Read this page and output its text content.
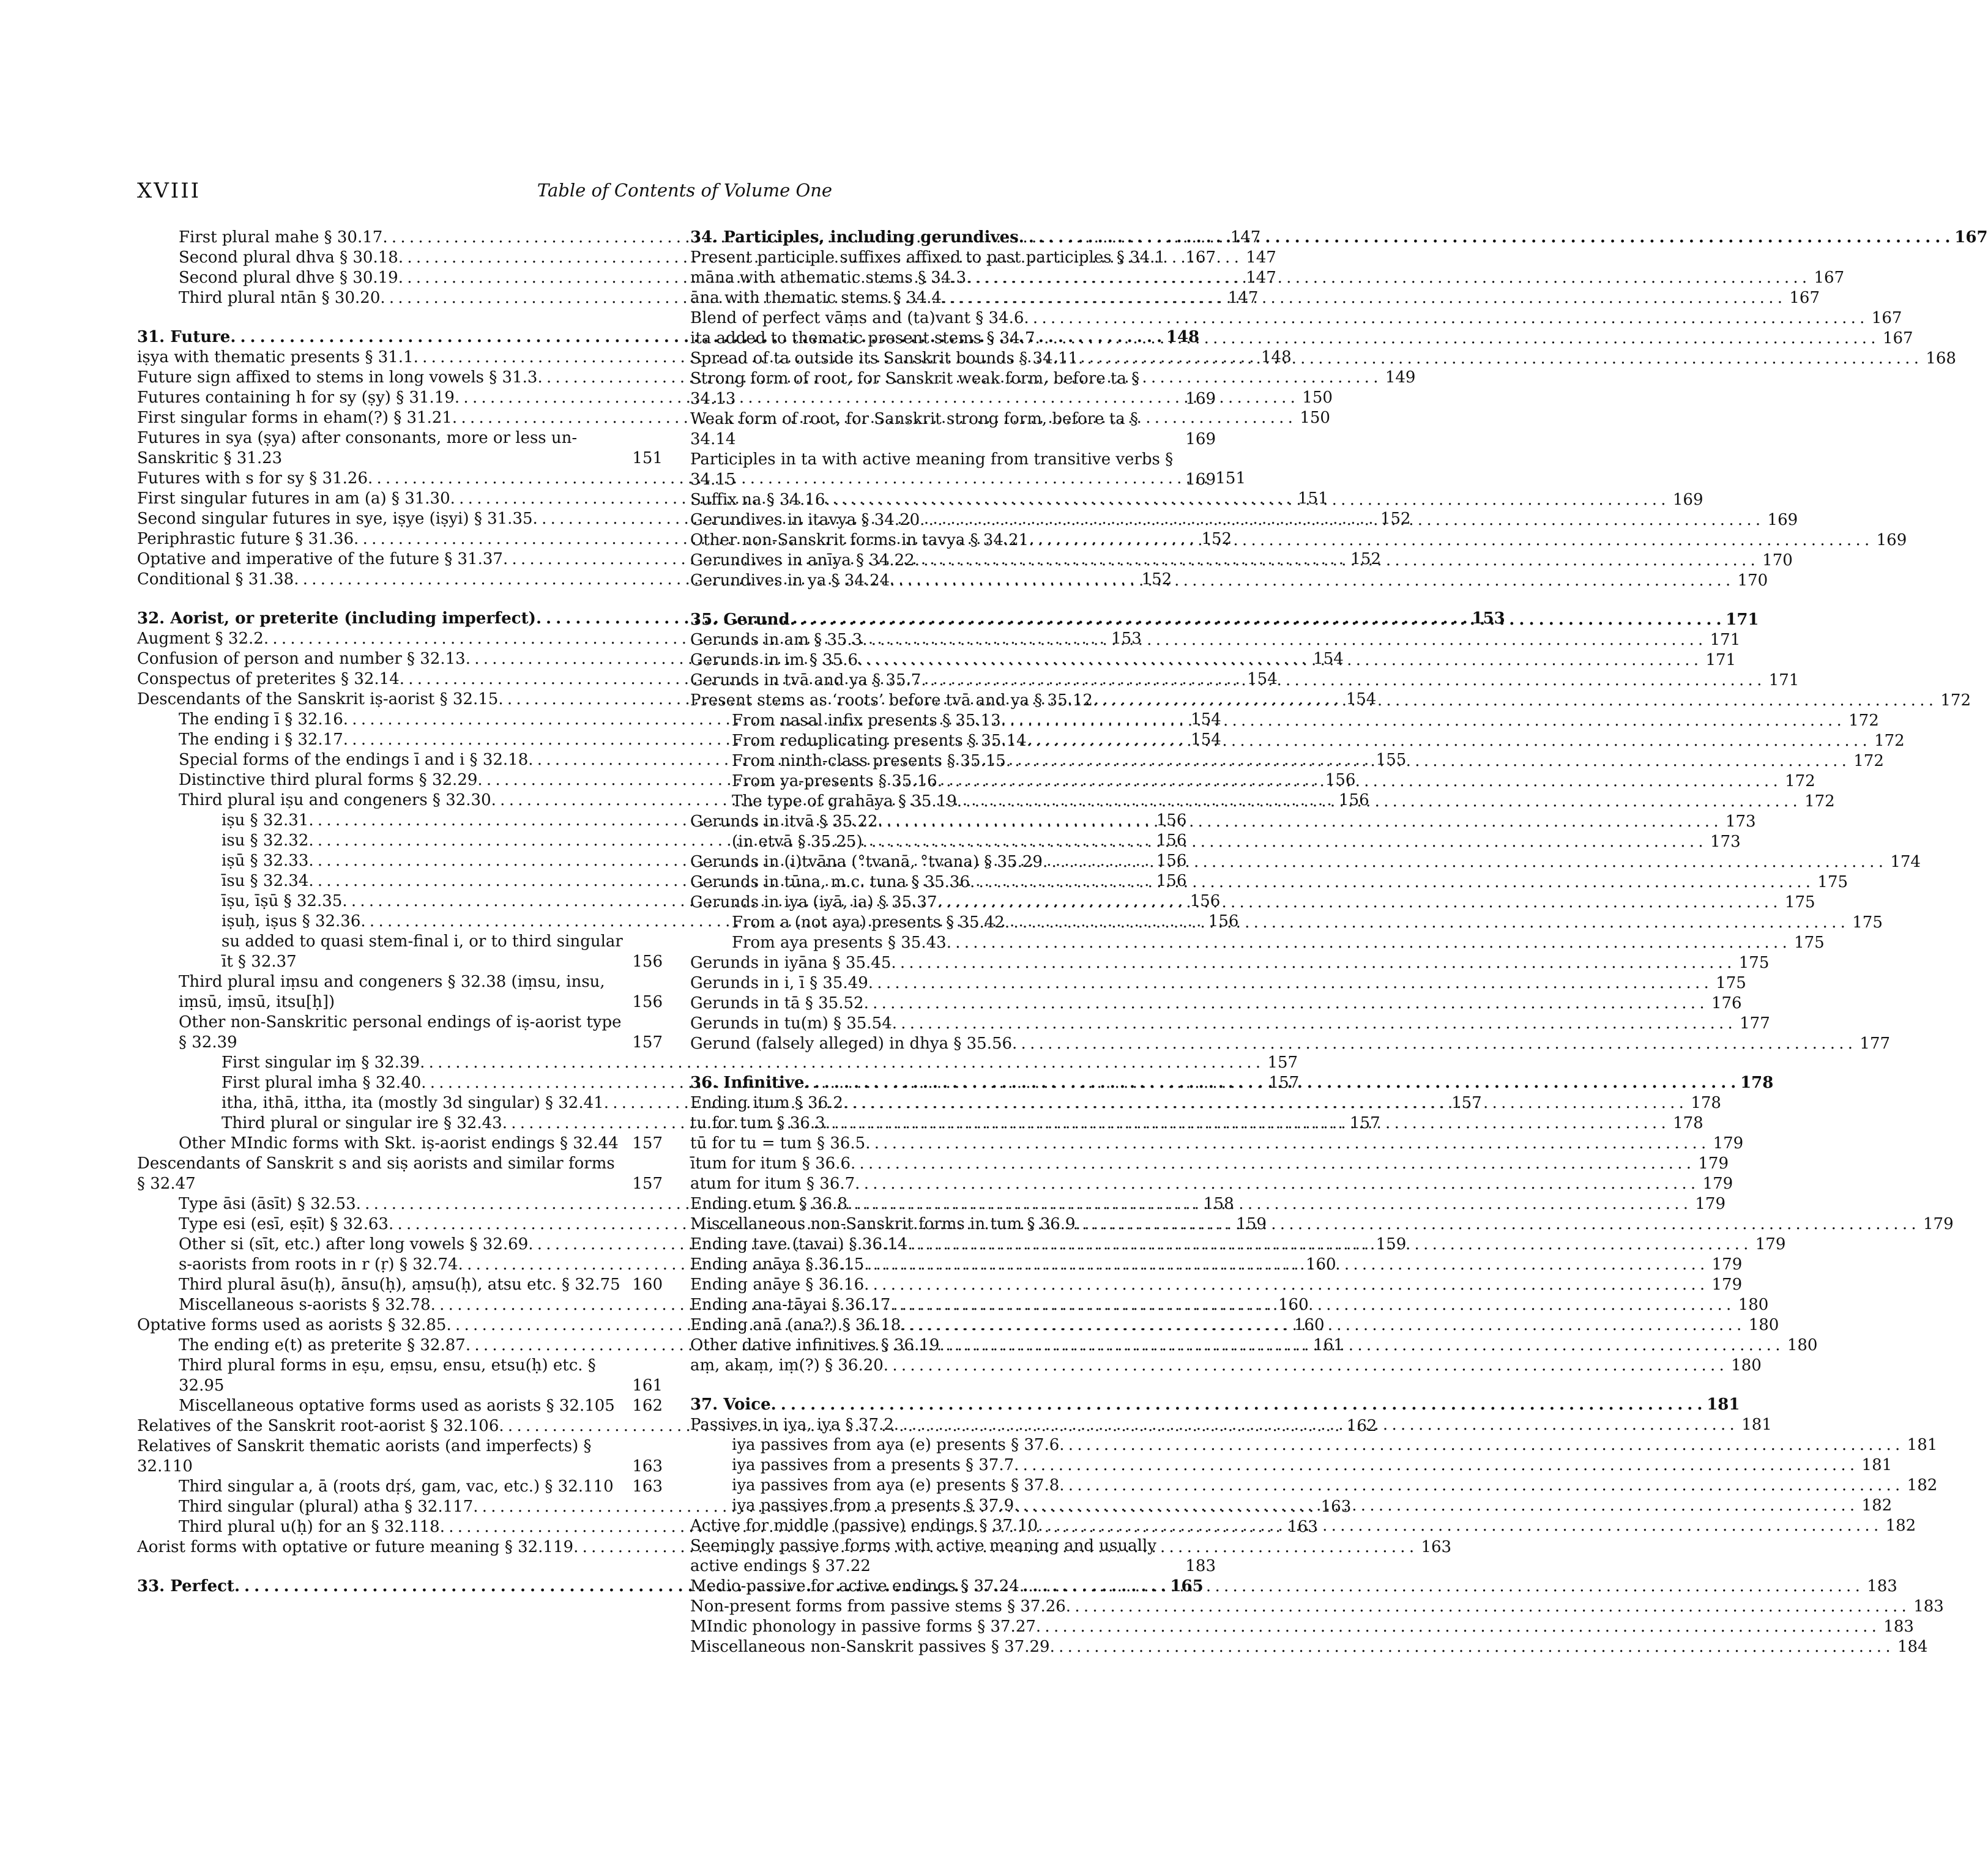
XVIII	Table of Contents of Volume One
First plural mahe § 30.17 . . .	147
Second plural dhva § 30.18 . . .	147
Second plural dhve § 30.19 . . .	147
Third plural ntān § 30.20 . . .	147
31. Future . . .	148
iṣya with thematic presents § 31.1 . . .	148
Future sign affixed to stems in long vowels § 31.3 . . .	149
Futures containing h for sy (ṣy) § 31.19 . . .	150
First singular forms in eham(?) § 31.21 . . .	150
Futures in sya (ṣya) after consonants, more or less un-Sanskritic § 31.23	151
Futures with s for sy § 31.26 . . .	151
First singular futures in am (a) § 31.30 . . .	151
Second singular futures in sye, iṣye (iṣyi) § 31.35 . . .	152
Periphrastic future § 31.36 . . .	152
Optative and imperative of the future § 31.37 . . .	152
Conditional § 31.38 . . .	152
32. Aorist, or preterite (including imperfect) . . .	153
Augment § 32.2 . . .	153
Confusion of person and number § 32.13 . . .	154
Conspectus of preterites § 32.14 . . .	154
Descendants of the Sanskrit iṣ-aorist § 32.15 . . .	154
The ending ī § 32.16 . . .	154
The ending i § 32.17 . . .	154
Special forms of the endings ī and i § 32.18 . . .	155
Distinctive third plural forms § 32.29 . . .	156
Third plural iṣu and congeners § 32.30 . . .	156
iṣu § 32.31 . . .	156
isu § 32.32 . . .	156
iṣū § 32.33 . . .	156
īsu § 32.34 . . .	156
īṣu, īṣū § 32.35 . . .	156
iṣuḥ, iṣus § 32.36 . . .	156
su added to quasi stem-final i, or to third singular īt § 32.37	156
Third plural iṃsu and congeners § 32.38 (iṃsu, insu, iṃsū, iṃsū, itsu[ḥ])	156
Other non-Sanskritic personal endings of iṣ-aorist type § 32.39	157
First singular iṃ § 32.39 . . .	157
First plural imha § 32.40 . . .	157
itha, ithā, ittha, ita (mostly 3d singular) § 32.41 . . .	157
Third plural or singular ire § 32.43 . . .	157
Other MIndic forms with Skt. iṣ-aorist endings § 32.44 157
Descendants of Sanskrit s and siṣ aorists and similar forms § 32.47	157
Type āsi (āsīt) § 32.53 . . .	158
Type esi (esī, eṣīt) § 32.63 . . .	159
Other si (sīt, etc.) after long vowels § 32.69 . . .	159
s-aorists from roots in r (ṛ) § 32.74 . . .	160
Third plural āsu(ḥ), ānsu(ḥ), aṃsu(ḥ), atsu etc. § 32.75 160
Miscellaneous s-aorists § 32.78 . . .	160
Optative forms used as aorists § 32.85 . . .	160
The ending e(t) as preterite § 32.87 . . .	161
Third plural forms in eṣu, eṃsu, ensu, etsu(ḥ) etc. § 32.95	161
Miscellaneous optative forms used as aorists § 32.105	162
Relatives of the Sanskrit root-aorist § 32.106 . . .	162
Relatives of Sanskrit thematic aorists (and imperfects) § 32.110	163
Third singular a, ā (roots dṛś, gam, vac, etc.) § 32.110	163
Third singular (plural) atha § 32.117 . . .	163
Third plural u(ḥ) for an § 32.118 . . .	163
Aorist forms with optative or future meaning § 32.119 . . .	163
33. Perfect . . .	165
34. Participles, including gerundives . . .	167
Present participle suffixes affixed to past participles § 34.1	167
māna with athematic stems § 34.3 . . .	167
āna with thematic stems § 34.4 . . .	167
Blend of perfect vāṃs and (ta)vant § 34.6 . . .	167
ita added to thematic present stems § 34.7 . . .	167
Spread of ta outside its Sanskrit bounds § 34.11 . . .	168
Strong form of root, for Sanskrit weak form, before ta § 34.13	169
Weak form of root, for Sanskrit strong form, before ta § 34.14	169
Participles in ta with active meaning from transitive verbs § 34.15	169
Suffix na § 34.16 . . .	169
Gerundives in itavya § 34.20 . . .	169
Other non-Sanskrit forms in tavya § 34.21 . . .	169
Gerundives in anīya § 34.22 . . .	170
Gerundives in ya § 34.24 . . .	170
35. Gerund . . .	171
Gerunds in am § 35.3 . . .	171
Gerunds in im § 35.6 . . .	171
Gerunds in tvā and ya § 35.7 . . .	171
Present stems as ‘roots’ before tvā and ya § 35.12 . . .	172
From nasal infix presents § 35.13 . . .	172
From reduplicating presents § 35.14 . . .	172
From ninth-class presents § 35.15 . . .	172
From ya-presents § 35.16 . . .	172
The type of grahāya § 35.19 . . .	172
Gerunds in itvā § 35.22 . . .	173
(in etvā § 35.25) . . .	173
Gerunds in (i)tvāna (°tvanā, °tvana) § 35.29 . . .	174
Gerunds in tūna, m.c. tuna § 35.36 . . .	175
Gerunds in iya (iyā, ia) § 35.37 . . .	175
From a (not aya) presents § 35.42 . . .	175
From aya presents § 35.43 . . .	175
Gerunds in iyāna § 35.45 . . .	175
Gerunds in i, ī § 35.49 . . .	175
Gerunds in tā § 35.52 . . .	176
Gerunds in tu(m) § 35.54 . . .	177
Gerund (falsely alleged) in dhya § 35.56 . . .	177
36. Infinitive . . .	178
Ending itum § 36.2 . . .	178
tu for tum § 36.3 . . .	178
tū for tu = tum § 36.5 . . .	179
ītum for itum § 36.6 . . .	179
atum for itum § 36.7 . . .	179
Ending etum § 36.8 . . .	179
Miscellaneous non-Sanskrit forms in tum § 36.9 . . .	179
Ending tave (tavai) § 36.14 . . .	179
Ending anāya § 36.15 . . .	179
Ending anāye § 36.16 . . .	179
Ending ana-tāyai § 36.17 . . .	180
Ending anā (ana?) § 36.18 . . .	180
Other dative infinitives § 36.19 . . .	180
aṃ, akaṃ, iṃ(?) § 36.20 . . .	180
37. Voice . . .	181
Passives in iya, iya § 37.2 . . .	181
iya passives from aya (e) presents § 37.6 . . .	181
iya passives from a presents § 37.7 . . .	181
iya passives from aya (e) presents § 37.8 . . .	182
iya passives from a presents § 37.9 . . .	182
Active for middle (passive) endings § 37.10 . . .	182
Seemingly passive forms with active meaning and usually active endings § 37.22	183
Medio-passive for active endings § 37.24 . . .	183
Non-present forms from passive stems § 37.26 . . .	183
MIndic phonology in passive forms § 37.27 . . .	183
Miscellaneous non-Sanskrit passives § 37.29 . . .	184
